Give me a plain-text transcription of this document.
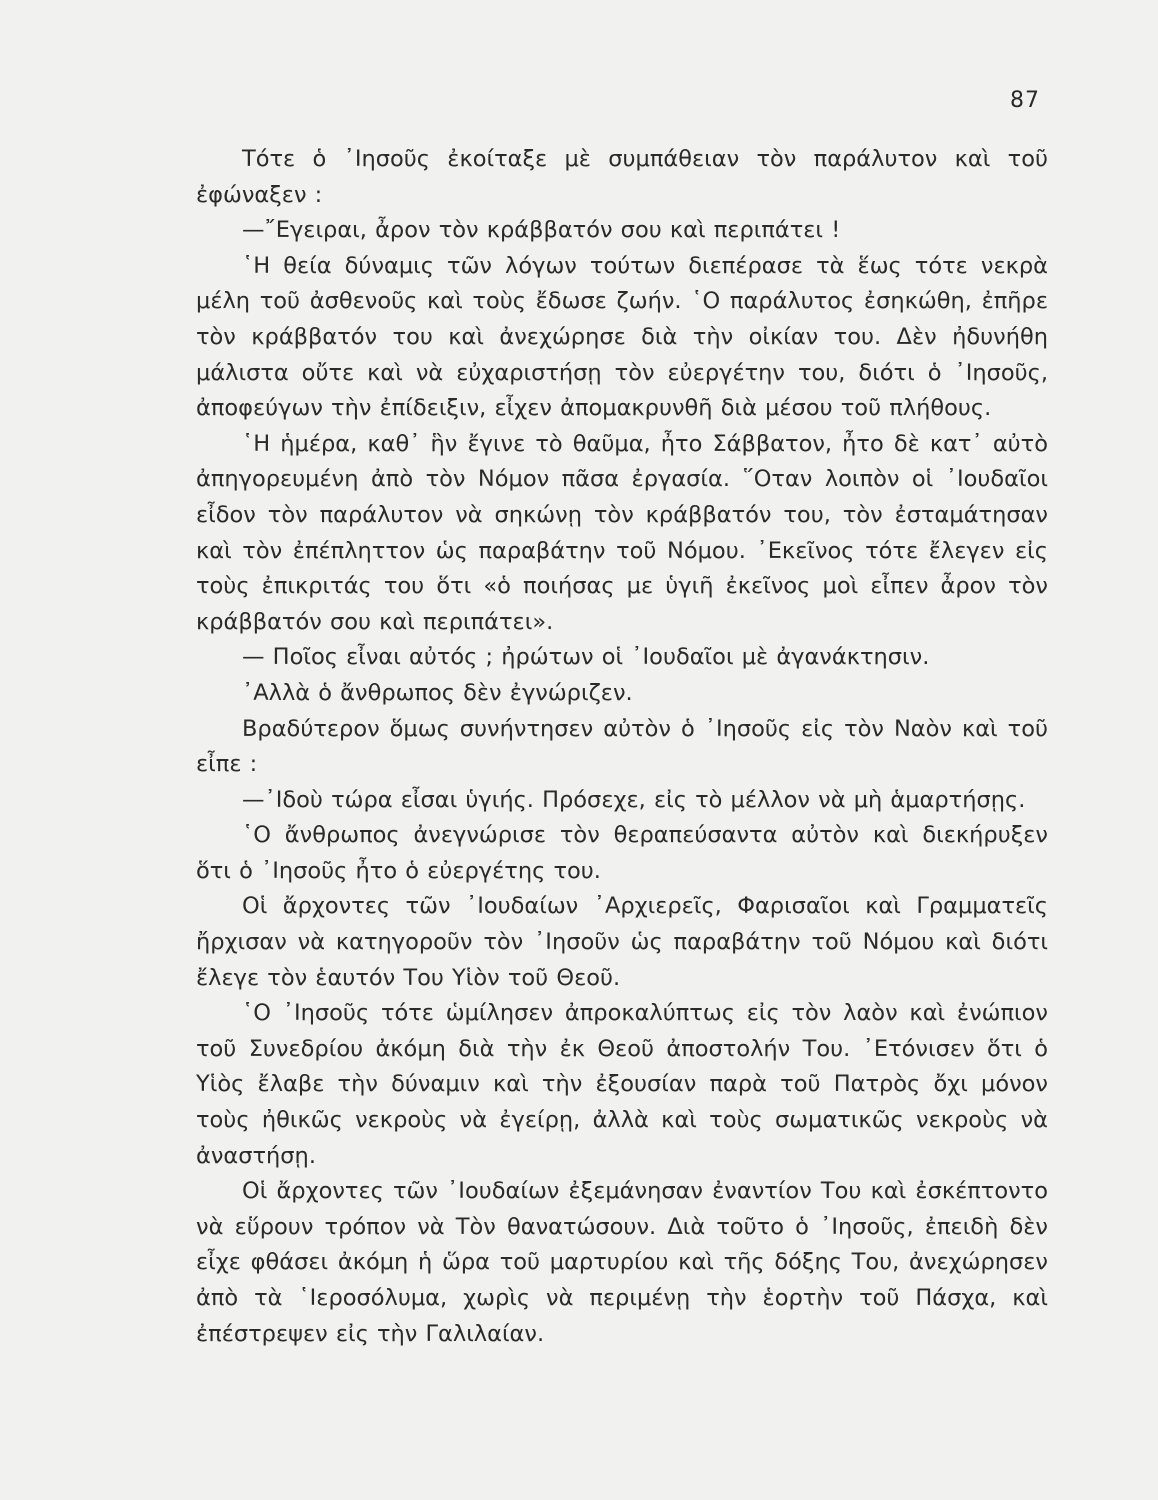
87

Τότε ὁ ᾿Ιησοῦς ἐκοίταξε μὲ συμπάθειαν τὸν παράλυτον καὶ τοῦ ἐφώναξεν :

—῎Εγειραι, ἆρον τὸν κράββατόν σου καὶ περιπάτει !

῾Η θεία δύναμις τῶν λόγων τούτων διεπέρασε τὰ ἕως τότε νεκρὰ μέλη τοῦ ἀσθενοῦς καὶ τοὺς ἔδωσε ζωήν. ῾Ο παράλυτος ἐσηκώθη, ἐπῆρε τὸν κράββατόν του καὶ ἀνεχώρησε διὰ τὴν οἰκίαν του. Δὲν ἠδυνήθη μάλιστα οὔτε καὶ νὰ εὐχαριστήσῃ τὸν εὐεργέτην του, διότι ὁ ᾿Ιησοῦς, ἀποφεύγων τὴν ἐπίδειξιν, εἶχεν ἀπομακρυνθῆ διὰ μέσου τοῦ πλήθους.

῾Η ἡμέρα, καθ᾿ ἣν ἔγινε τὸ θαῦμα, ἦτο Σάββατον, ἦτο δὲ κατ᾿ αὐτὸ ἀπηγορευμένη ἀπὸ τὸν Νόμον πᾶσα ἐργασία. ῞Οταν λοιπὸν οἱ ᾿Ιουδαῖοι εἶδον τὸν παράλυτον νὰ σηκώνῃ τὸν κράββατόν του, τὸν ἐσταμάτησαν καὶ τὸν ἐπέπληττον ὡς παραβάτην τοῦ Νόμου. ᾿Εκεῖνος τότε ἔλεγεν εἰς τοὺς ἐπικριτάς του ὅτι «ὁ ποιήσας με ὑγιῆ ἐκεῖνος μοὶ εἶπεν ἆρον τὸν κράββατόν σου καὶ περιπάτει».

— Ποῖος εἶναι αὐτός ; ἠρώτων οἱ ᾿Ιουδαῖοι μὲ ἀγανάκτησιν.

᾿Αλλὰ ὁ ἄνθρωπος δὲν ἐγνώριζεν.

Βραδύτερον ὅμως συνήντησεν αὐτὸν ὁ ᾿Ιησοῦς εἰς τὸν Ναὸν καὶ τοῦ εἶπε :

—᾿Ιδοὺ τώρα εἶσαι ὑγιής. Πρόσεχε, εἰς τὸ μέλλον νὰ μὴ ἁμαρτήσῃς.

῾Ο ἄνθρωπος ἀνεγνώρισε τὸν θεραπεύσαντα αὐτὸν καὶ διεκήρυξεν ὅτι ὁ ᾿Ιησοῦς ἦτο ὁ εὐεργέτης του.

Οἱ ἄρχοντες τῶν ᾿Ιουδαίων ᾿Αρχιερεῖς, Φαρισαῖοι καὶ Γραμματεῖς ἤρχισαν νὰ κατηγοροῦν τὸν ᾿Ιησοῦν ὡς παραβάτην τοῦ Νόμου καὶ διότι ἔλεγε τὸν ἑαυτόν Του Υἱὸν τοῦ Θεοῦ.

῾Ο ᾿Ιησοῦς τότε ὡμίλησεν ἀπροκαλύπτως εἰς τὸν λαὸν καὶ ἐνώπιον τοῦ Συνεδρίου ἀκόμη διὰ τὴν ἐκ Θεοῦ ἀποστολήν Του. ᾿Ετόνισεν ὅτι ὁ Υἱὸς ἔλαβε τὴν δύναμιν καὶ τὴν ἐξουσίαν παρὰ τοῦ Πατρὸς ὄχι μόνον τοὺς ἠθικῶς νεκροὺς νὰ ἐγείρῃ, ἀλλὰ καὶ τοὺς σωματικῶς νεκροὺς νὰ ἀναστήσῃ.

Οἱ ἄρχοντες τῶν ᾿Ιουδαίων ἐξεμάνησαν ἐναντίον Του καὶ ἐσκέπτοντο νὰ εὕρουν τρόπον νὰ Τὸν θανατώσουν. Διὰ τοῦτο ὁ ᾿Ιησοῦς, ἐπειδὴ δὲν εἶχε φθάσει ἀκόμη ἡ ὥρα τοῦ μαρτυρίου καὶ τῆς δόξης Του, ἀνεχώρησεν ἀπὸ τὰ ῾Ιεροσόλυμα, χωρὶς νὰ περιμένῃ τὴν ἑορτὴν τοῦ Πάσχα, καὶ ἐπέστρεψεν εἰς τὴν Γαλιλαίαν.
